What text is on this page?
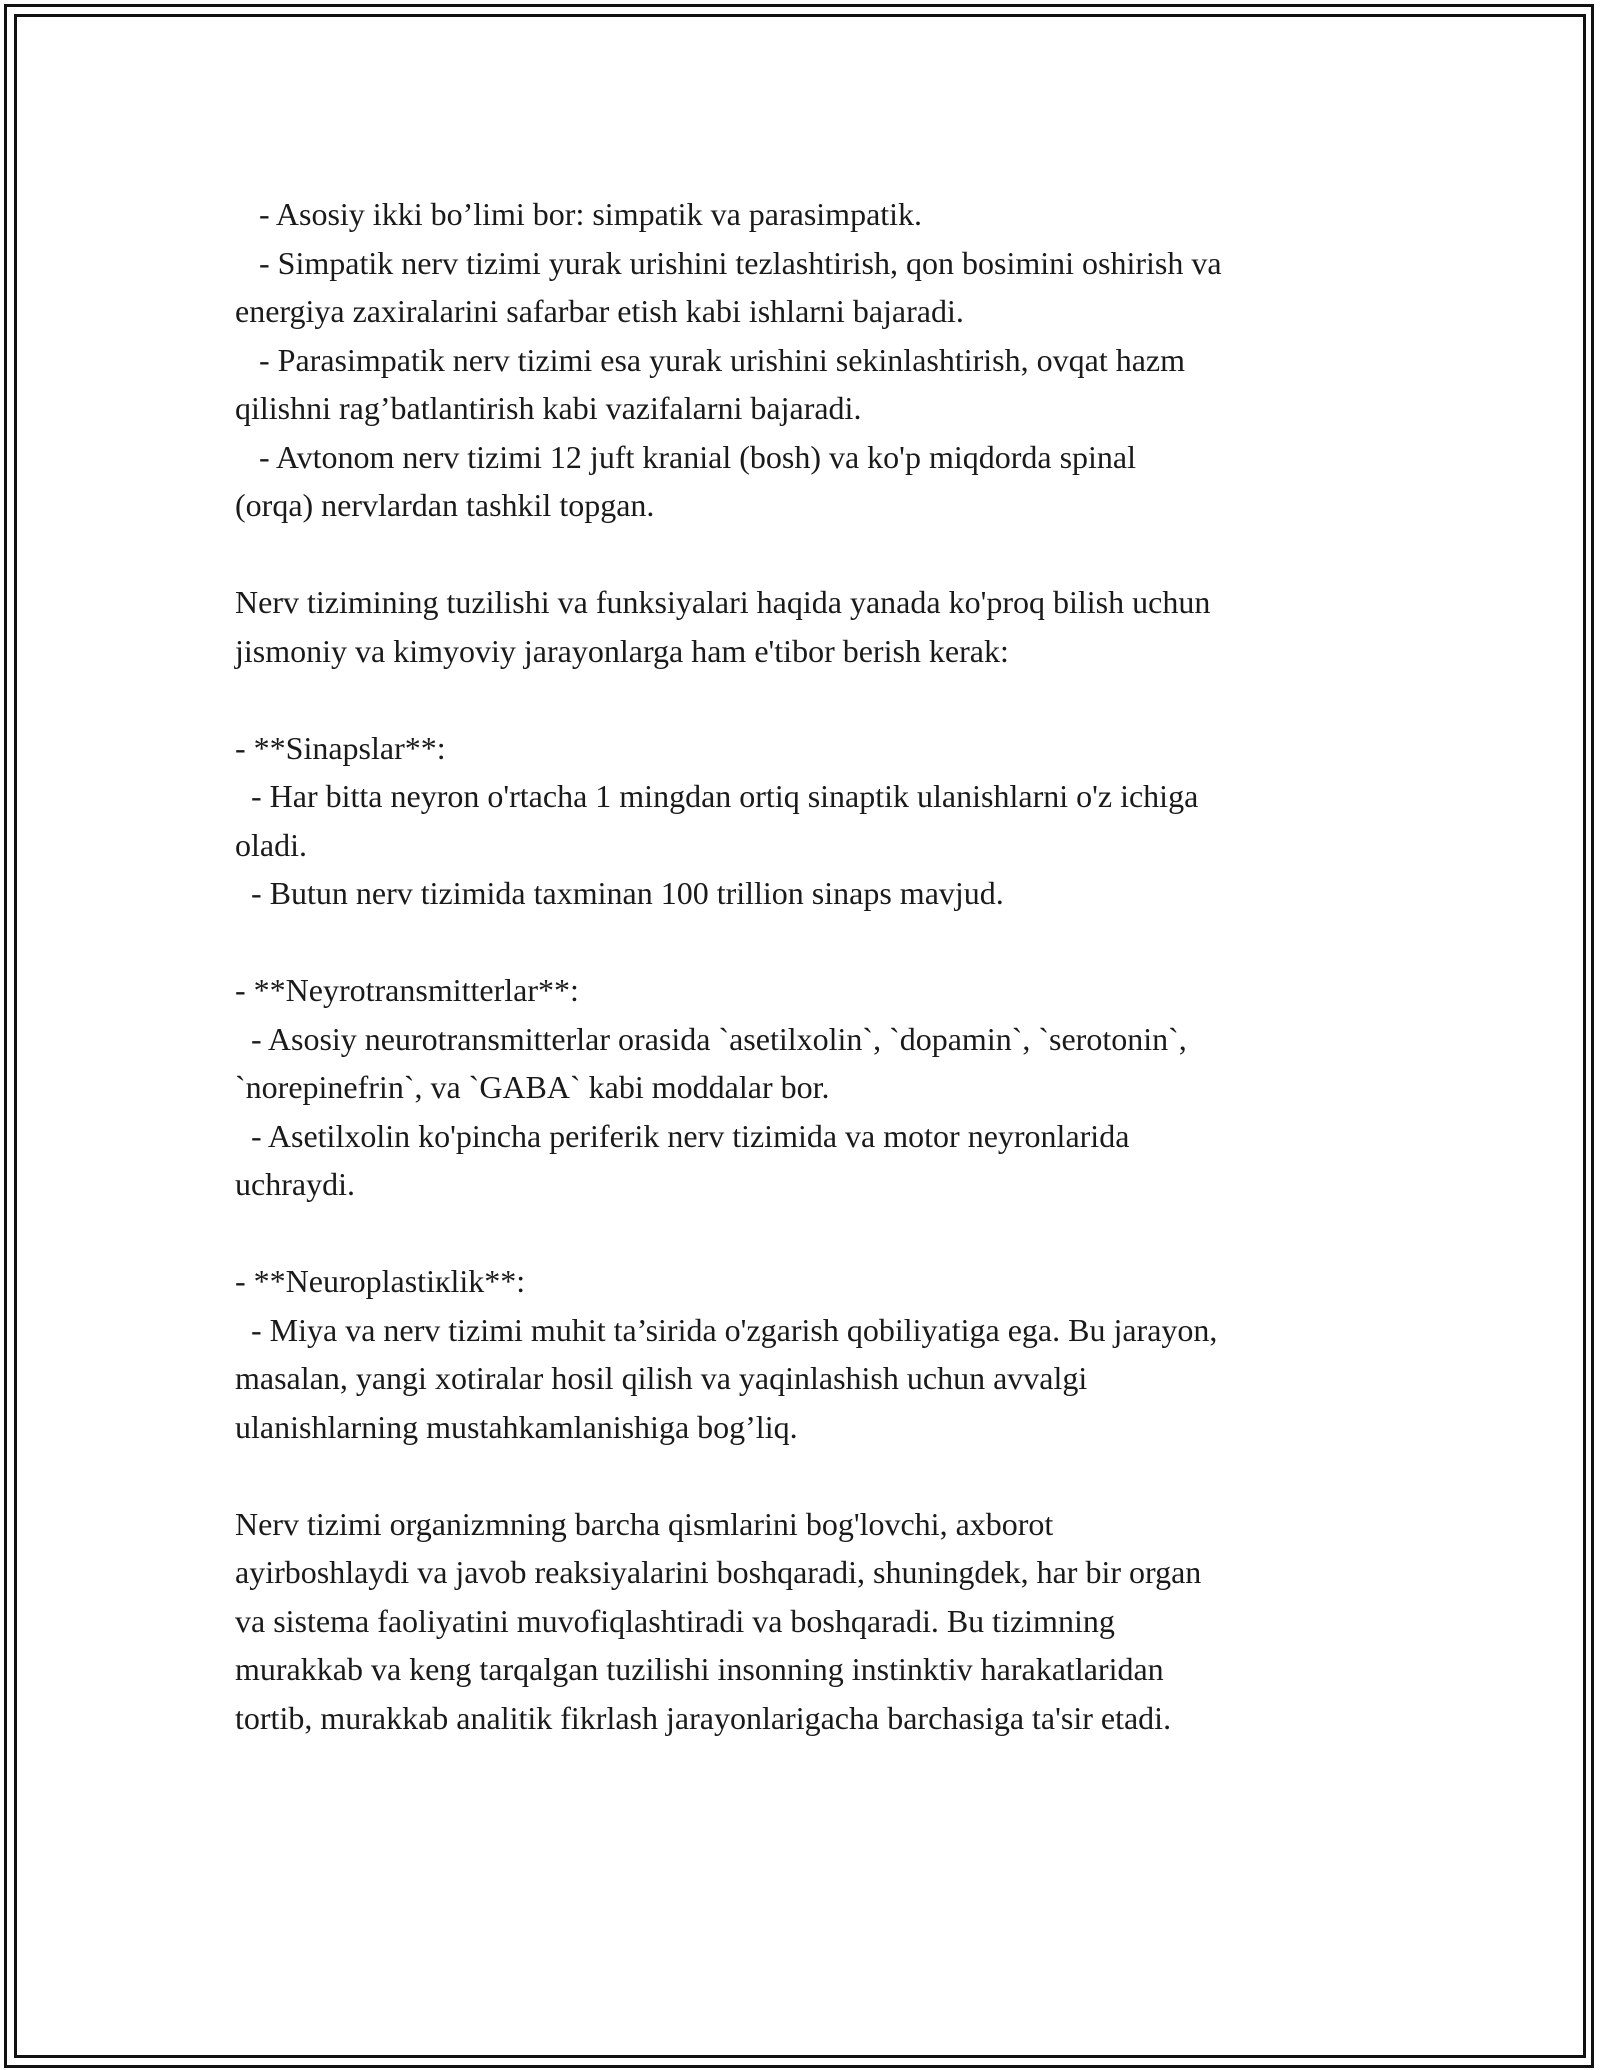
- Asosiy ikki bo’limi bor: simpatik va parasimpatik.
- Simpatik nerv tizimi yurak urishini tezlashtirish, qon bosimini oshirish va
energiya zaxiralarini safarbar etish kabi ishlarni bajaradi.
- Parasimpatik nerv tizimi esa yurak urishini sekinlashtirish, ovqat hazm
qilishni rag’batlantirish kabi vazifalarni bajaradi.
- Avtonom nerv tizimi 12 juft kranial (bosh) va ko'p miqdorda spinal
(orqa) nervlardan tashkil topgan.
Nerv tizimining tuzilishi va funksiyalari haqida yanada ko'proq bilish uchun
jismoniy va kimyoviy jarayonlarga ham e'tibor berish kerak:
- **Sinapslar**:
- Har bitta neyron o'rtacha 1 mingdan ortiq sinaptik ulanishlarni o'z ichiga
oladi.
- Butun nerv tizimida taxminan 100 trillion sinaps mavjud.
- **Neyrotransmitterlar**:
- Asosiy neurotransmitterlar orasida `asetilxolin`, `dopamin`, `serotonin`,
`norepinefrin`, va `GABA` kabi moddalar bor.
- Asetilxolin ko'pincha periferik nerv tizimida va motor neyronlarida
uchraydi.
- **Neuroplastiкlik**:
- Miya va nerv tizimi muhit ta’sirida o'zgarish qobiliyatiga ega. Bu jarayon,
masalan, yangi xotiralar hosil qilish va yaqinlashish uchun avvalgi
ulanishlarning mustahkamlanishiga bog’liq.
Nerv tizimi organizmning barcha qismlarini bog'lovchi, axborot
ayirboshlaydi va javob reaksiyalarini boshqaradi, shuningdek, har bir organ
va sistema faoliyatini muvofiqlashtiradi va boshqaradi. Bu tizimning
murakkab va keng tarqalgan tuzilishi insonning instinktiv harakatlaridan
tortib, murakkab analitik fikrlash jarayonlarigacha barchasiga ta'sir etadi.
